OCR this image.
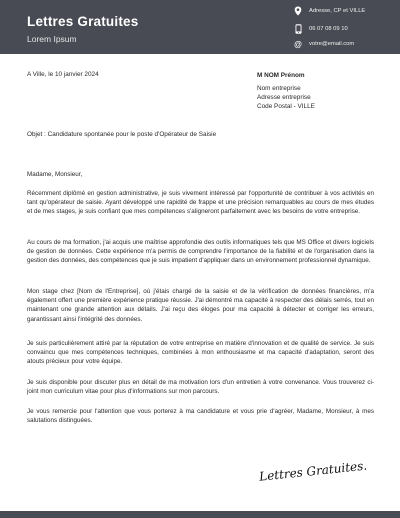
Lettres Gratuites
Lorem Ipsum
Adresse, CP et VILLE
06 07 08 09 10
@ votre@email.com
A Ville, le 10 janvier 2024	M NOM Prénom
Nom entreprise
Adresse entreprise
Code Postal - VILLE
Objet : Candidature spontanée pour le poste d'Opérateur de Saisie
Madame, Monsieur,
Récemment diplômé en gestion administrative, je suis vivement intéressé par l'opportunité de contribuer à vos activités en tant qu'opérateur de saisie. Ayant développé une rapidité de frappe et une précision remarquables au cours de mes études et de mes stages, je suis confiant que mes compétences s'aligneront parfaitement avec les besoins de votre entreprise.
Au cours de ma formation, j'ai acquis une maîtrise approfondie des outils informatiques tels que MS Office et divers logiciels de gestion de données. Cette expérience m'a permis de comprendre l'importance de la fiabilité et de l'organisation dans la gestion des données, des compétences que je suis impatient d'appliquer dans un environnement professionnel dynamique.
Mon stage chez [Nom de l'Entreprise], où j'étais chargé de la saisie et de la vérification de données financières, m'a également offert une première expérience pratique réussie. J'ai démontré ma capacité à respecter des délais serrés, tout en maintenant une grande attention aux détails. J'ai reçu des éloges pour ma capacité à détecter et corriger les erreurs, garantissant ainsi l'intégrité des données.
Je suis particulièrement attiré par la réputation de votre entreprise en matière d'innovation et de qualité de service. Je suis convaincu que mes compétences techniques, combinées à mon enthousiasme et ma capacité d'adaptation, seront des atouts précieux pour votre équipe.
Je suis disponible pour discuter plus en détail de ma motivation lors d'un entretien à votre convenance. Vous trouverez ci-joint mon curriculum vitae pour plus d'informations sur mon parcours.
Je vous remercie pour l'attention que vous porterez à ma candidature et vous prie d'agréer, Madame, Monsieur, à mes salutations distinguées.
Lettres Gratuites.
